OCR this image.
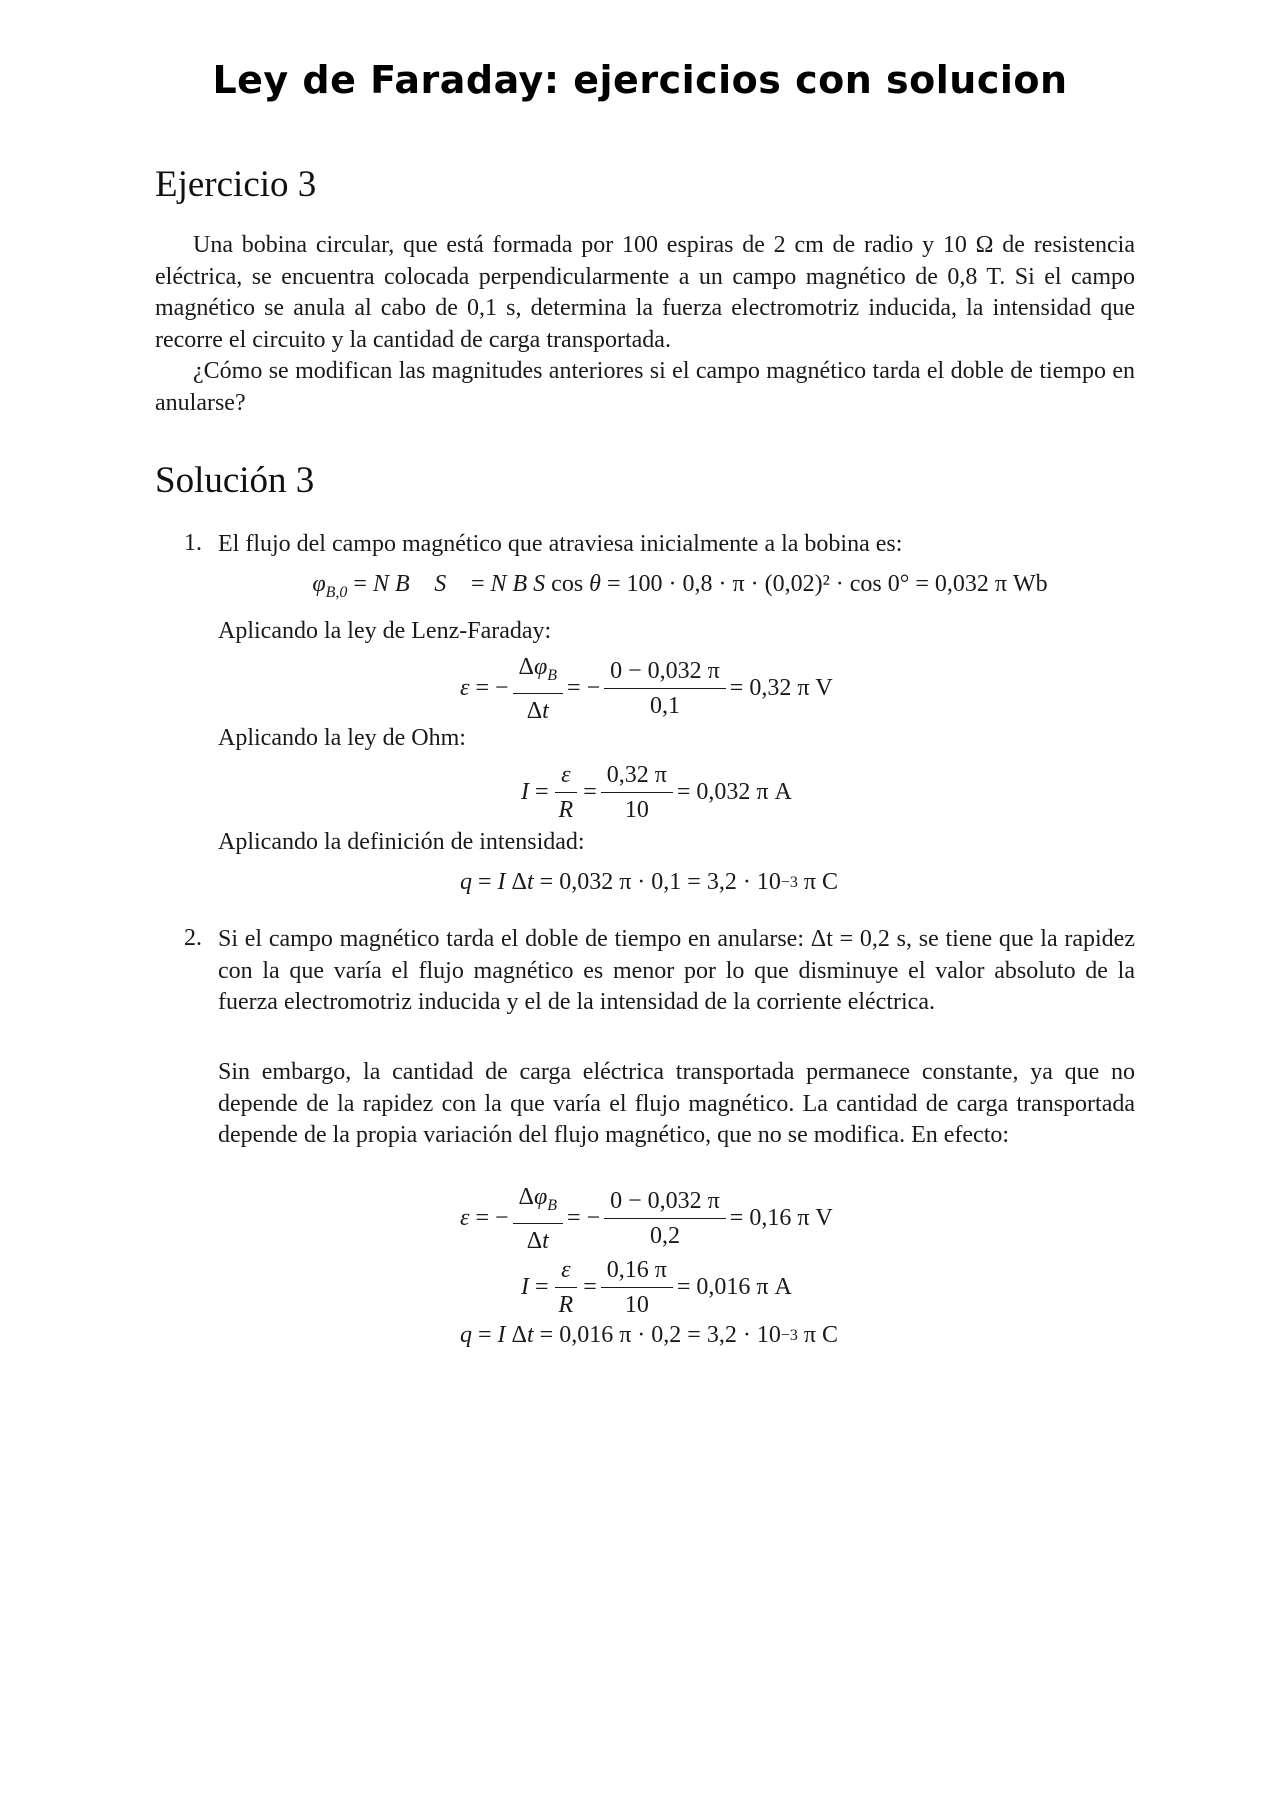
Ley de Faraday: ejercicios con solucion
Ejercicio 3

Una bobina circular, que está formada por 100 espiras de 2 cm de radio y 10 Ω de resistencia eléctrica, se encuentra colocada perpendicularmente a un campo magnético de 0,8 T. Si el campo magnético se anula al cabo de 0,1 s, determina la fuerza electromotriz inducida, la intensidad que recorre el circuito y la cantidad de carga transportada.

¿Cómo se modifican las magnitudes anteriores si el campo magnético tarda el doble de tiempo en anularse?

Solución 3
1. El flujo del campo magnético que atraviesa inicialmente a la bobina es:

$\varphi_{B,0} = N$ B⃗ S⃗ = N B S cos θ = 100 · 0,8 · π · (0,02)² · cos 0° = 0,032 π Wb

Aplicando la ley de Lenz-Faraday:

ε = − $\frac{\Delta\varphi_B}{\Delta t}$ = − $\frac{0 - 0,032 \pi}{0,1} = 0,32$ π V

Aplicando la ley de Ohm:

$I = \frac{\varepsilon}{R} = \frac{0,32 \pi}{10} = 0,032$ π A

Aplicando la definición de intensidad:

q = I Δ t
= 0,032 π · 0,1 = 3,2 · 10 −3
π C
2. Si el campo magnético tarda el doble de tiempo en anularse: Δt = 0,2 s, se tiene que la rapidez con la que varía el flujo magnético es menor por lo que disminuye el valor absoluto de la fuerza electromotriz inducida y el de la intensidad de la corriente eléctrica.

Sin embargo, la cantidad de carga eléctrica transportada permanece constante, ya que no depende de la rapidez con la que varía el flujo magnético. La cantidad de carga transportada depende de la propia variación del flujo magnético, que no se modifica. En efecto:

ε = − $\frac{\Delta\varphi_B}{\Delta t}$ = − $\frac{0 - 0,032 \pi}{0,2} = 0,16$ π V
$I = \frac{\varepsilon}{R} = \frac{0,16 \pi}{10} = 0,016$ π A
q = I Δ t
= 0,016 π · 0,2 = 3,2 · 10 −3
π C
